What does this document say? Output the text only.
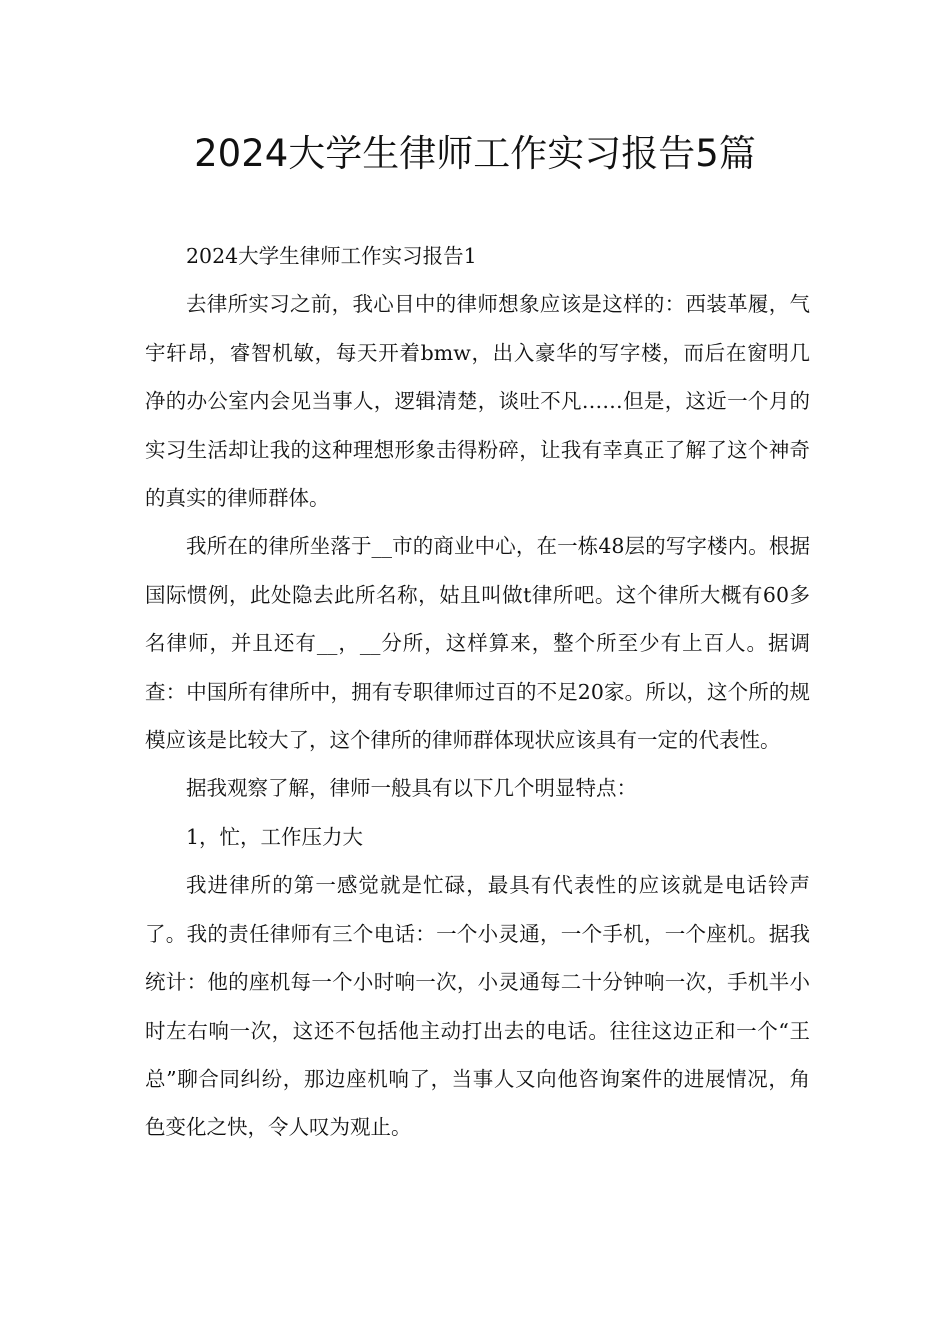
2024大学生律师工作实习报告5篇

2024大学生律师工作实习报告1

去律所实习之前，我心目中的律师想象应该是这样的：西装革履，气宇轩昂，睿智机敏，每天开着bmw，出入豪华的写字楼，而后在窗明几净的办公室内会见当事人，逻辑清楚，谈吐不凡……但是，这近一个月的实习生活却让我的这种理想形象击得粉碎，让我有幸真正了解了这个神奇的真实的律师群体。

我所在的律所坐落于__市的商业中心，在一栋48层的写字楼内。根据国际惯例，此处隐去此所名称，姑且叫做t律所吧。这个律所大概有60多名律师，并且还有__，__分所，这样算来，整个所至少有上百人。据调查：中国所有律所中，拥有专职律师过百的不足20家。所以，这个所的规模应该是比较大了，这个律所的律师群体现状应该具有一定的代表性。

据我观察了解，律师一般具有以下几个明显特点：

1，忙，工作压力大

我进律所的第一感觉就是忙碌，最具有代表性的应该就是电话铃声了。我的责任律师有三个电话：一个小灵通，一个手机，一个座机。据我统计：他的座机每一个小时响一次，小灵通每二十分钟响一次，手机半小时左右响一次，这还不包括他主动打出去的电话。往往这边正和一个“王总”聊合同纠纷，那边座机响了，当事人又向他咨询案件的进展情况，角色变化之快，令人叹为观止。
